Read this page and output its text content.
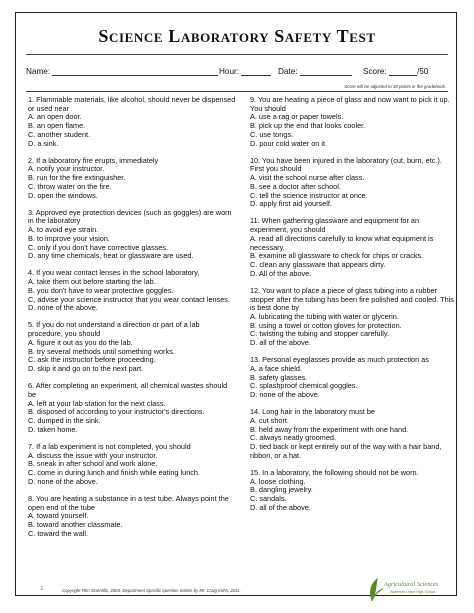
Science Laboratory Safety Test
Name:	Hour:	Date:	Score:	/50
Score will be adjusted to 30 points in the gradebook.
1. Flammable materials, like alcohol, should never be dispensed or used near
A. an open door.
B. an open flame.
C. another student.
D. a sink.
2. If a laboratory fire erupts, immediately
A. notify your instructor.
B. run for the fire extinguisher.
C. throw water on the fire.
D. open the windows.
3. Approved eye protection devices (such as goggles) are worn in the laboratory
A. to avoid eye strain.
B. to improve your vision.
C. only if you don't have corrective glasses.
D. any time chemicals, heat or glassware are used.
4. If you wear contact lenses in the school laboratory,
A. take them out before starting the lab.
B. you don't have to wear protective goggles.
C, advise your science instructor that you wear contact lenses.
D. none of the above.
5. If you do not understand a direction or part of a lab procedure, you should
A. figure it out as you do the lab.
B. try several methods until something works.
C. ask the instructor before proceeding.
D. skip it and go on to the next part.
6. After completing an experiment, all chemical wastes should be
A. left at your lab station for the next class.
B. disposed of according to your instructor's directions.
C. dumped in the sink.
D. taken home.
7. If a lab experiment is not completed, you should
A. discuss the issue with your instructor.
B. sneak in after school and work alone.
C. come in during lunch and finish while eating lunch.
D. none of the above.
8. You are heating a substance in a test tube. Always point the open end of the tube
A. toward yourself.
B. toward another classmate.
C. toward the wall.
9. You are heating a piece of glass and now want to pick it up. You should
A. use a rag or paper towels.
B. pick up the end that looks cooler.
C. use tongs.
D. pour cold water on it.
10. You have been injured in the laboratory (cut, burn, etc.). First you should
A. visit the school nurse after class.
B. see a doctor after school.
C. tell the science instructor at once.
D. apply first aid yourself.
11. When gathering glassware and equipment for an experiment, you should
A. read all directions carefully to know what equipment is necessary.
B. examine all glassware to check for chips or cracks.
C. clean any glassware that appears dirty.
D. All of the above.
12. You want to place a piece of glass tubing into a rubber stopper after the tubing has been fire polished and cooled. This is best done by
A. lubricating the tubing with water or glycerin.
B. using a towel or cotton gloves for protection.
C. twisting the tubing and stopper carefully.
D. all of the above.
13. Personal eyeglasses provide as much protection as
A. a face shield.
B. safety glasses.
C. splashproof chemical goggles.
D. none of the above.
14. Long hair in the laboratory must be
A. cut short.
B. held away from the experiment with one hand.
C. always neatly groomed.
D. tied back or kept entirely out of the way with a hair band, ribbon, or a hat.
15. In a laboratory, the following should not be worn.
A. loose clothing.
B. dangling jewelry.
C. sandals.
D. all of the above.
1	Copyright Film Scientific, 2004. Department Specific question written by Mr. Craig Kohn, 2011.
Agricultural Sciences
Waterford Union High School
